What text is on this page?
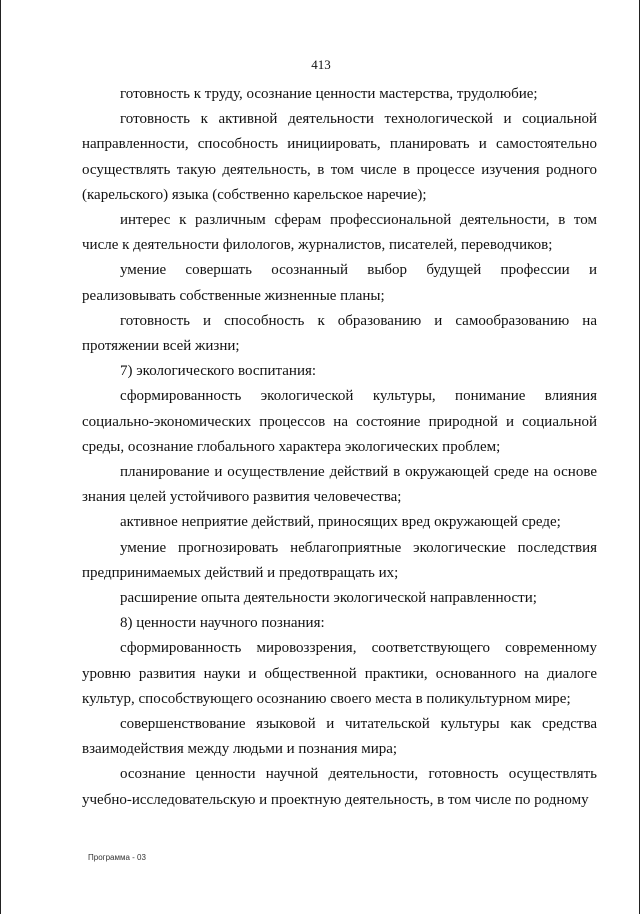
413

готовность к труду, осознание ценности мастерства, трудолюбие;

готовность к активной деятельности технологической и социальной направленности, способность инициировать, планировать и самостоятельно осуществлять такую деятельность, в том числе в процессе изучения родного (карельского) языка (собственно карельское наречие);

интерес к различным сферам профессиональной деятельности, в том числе к деятельности филологов, журналистов, писателей, переводчиков;

умение совершать осознанный выбор будущей профессии и реализовывать собственные жизненные планы;

готовность и способность к образованию и самообразованию на протяжении всей жизни;

7) экологического воспитания:

сформированность экологической культуры, понимание влияния социально-экономических процессов на состояние природной и социальной среды, осознание глобального характера экологических проблем;

планирование и осуществление действий в окружающей среде на основе знания целей устойчивого развития человечества;

активное неприятие действий, приносящих вред окружающей среде;

умение прогнозировать неблагоприятные экологические последствия предпринимаемых действий и предотвращать их;

расширение опыта деятельности экологической направленности;

8) ценности научного познания:

сформированность мировоззрения, соответствующего современному уровню развития науки и общественной практики, основанного на диалоге культур, способствующего осознанию своего места в поликультурном мире;

совершенствование языковой и читательской культуры как средства взаимодействия между людьми и познания мира;

осознание ценности научной деятельности, готовность осуществлять учебно-исследовательскую и проектную деятельность, в том числе по родному

Программа - 03
